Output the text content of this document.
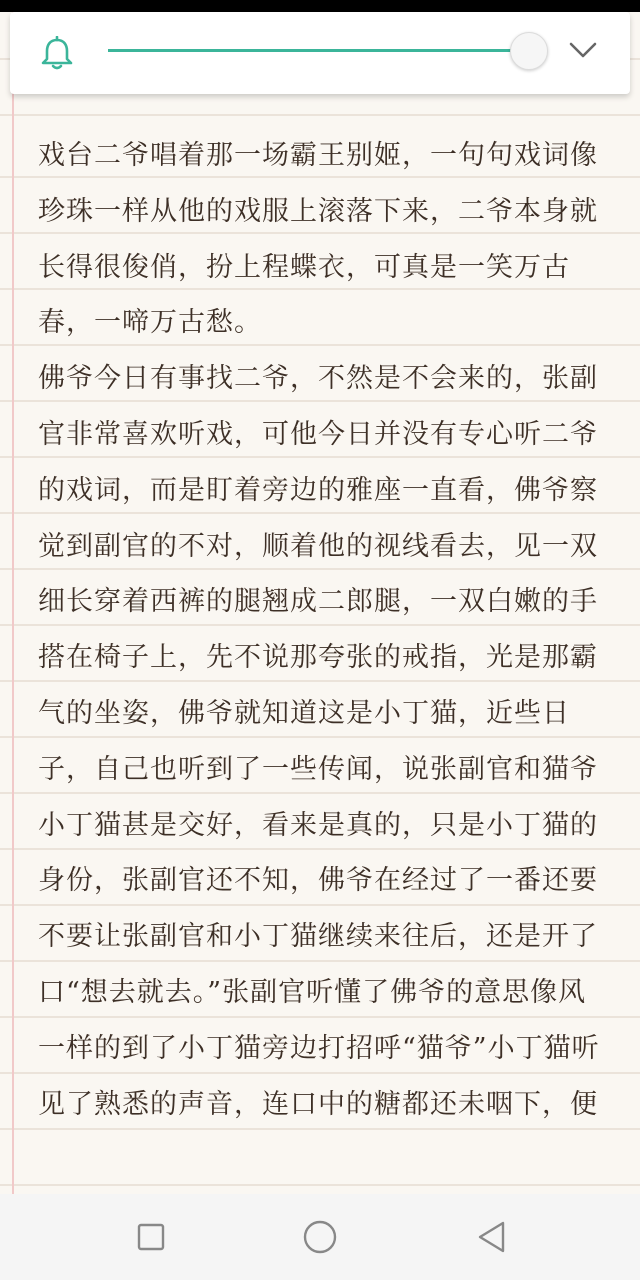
戏台二爷唱着那一场霸王别姬，一句句戏词像珍珠一样从他的戏服上滚落下来，二爷本身就长得很俊俏，扮上程蝶衣，可真是一笑万古春，一啼万古愁。

佛爷今日有事找二爷，不然是不会来的，张副官非常喜欢听戏，可他今日并没有专心听二爷的戏词，而是盯着旁边的雅座一直看，佛爷察觉到副官的不对，顺着他的视线看去，见一双细长穿着西裤的腿翘成二郎腿，一双白嫩的手搭在椅子上，先不说那夸张的戒指，光是那霸气的坐姿，佛爷就知道这是小丁猫，近些日子，自己也听到了一些传闻，说张副官和猫爷小丁猫甚是交好，看来是真的，只是小丁猫的身份，张副官还不知，佛爷在经过了一番还要不要让张副官和小丁猫继续来往后，还是开了口“想去就去。”张副官听懂了佛爷的意思像风一样的到了小丁猫旁边打招呼“猫爷”小丁猫听见了熟悉的声音，连口中的糖都还未咽下，便
